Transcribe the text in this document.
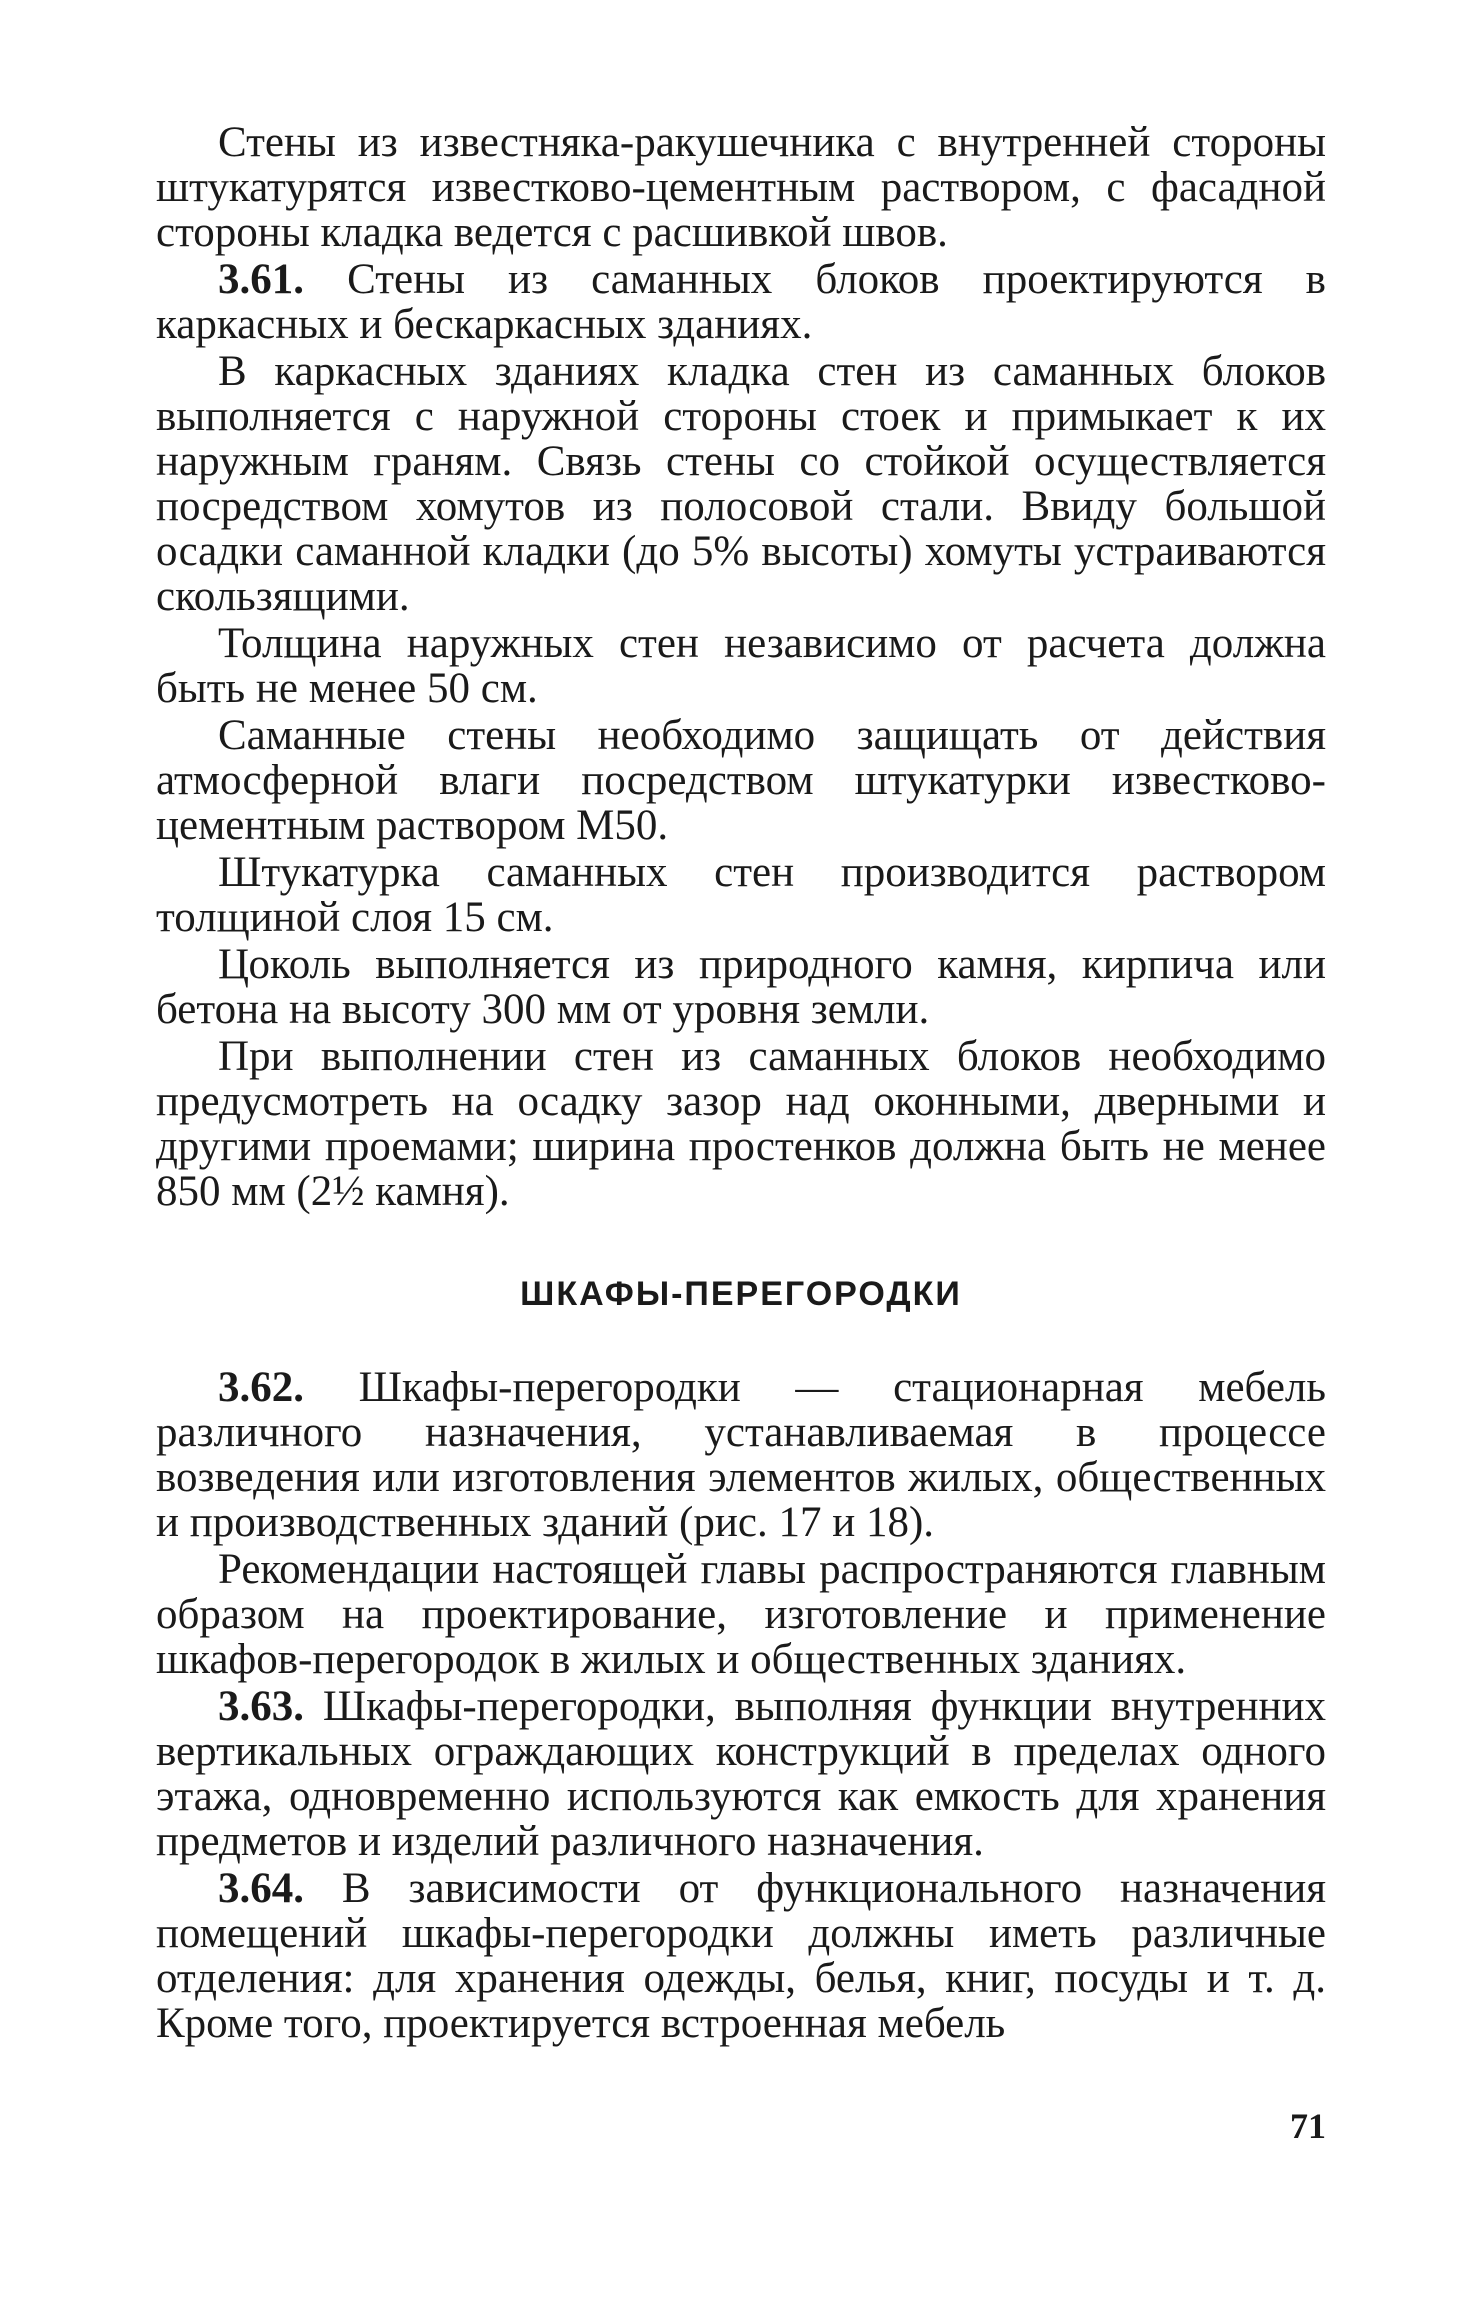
Стены из известняка-ракушечника с внутренней стороны штукатурятся известково-цементным раствором, с фасадной стороны кладка ведется с расшивкой швов.

3.61. Стены из саманных блоков проектируются в каркасных и бескаркасных зданиях.

В каркасных зданиях кладка стен из саманных блоков выполняется с наружной стороны стоек и примыкает к их наружным граням. Связь стены со стойкой осуществляется посредством хомутов из полосовой стали. Ввиду большой осадки саманной кладки (до 5% высоты) хомуты устраиваются скользящими.

Толщина наружных стен независимо от расчета должна быть не менее 50 см.

Саманные стены необходимо защищать от действия атмосферной влаги посредством штукатурки известково-цементным раствором М50.

Штукатурка саманных стен производится раствором толщиной слоя 15 см.

Цоколь выполняется из природного камня, кирпича или бетона на высоту 300 мм от уровня земли.

При выполнении стен из саманных блоков необходимо предусмотреть на осадку зазор над оконными, дверными и другими проемами; ширина простенков должна быть не менее 850 мм (2½ камня).

ШКАФЫ-ПЕРЕГОРОДКИ

3.62. Шкафы-перегородки — стационарная мебель различного назначения, устанавливаемая в процессе возведения или изготовления элементов жилых, общественных и производственных зданий (рис. 17 и 18).

Рекомендации настоящей главы распространяются главным образом на проектирование, изготовление и применение шкафов-перегородок в жилых и общественных зданиях.

3.63. Шкафы-перегородки, выполняя функции внутренних вертикальных ограждающих конструкций в пределах одного этажа, одновременно используются как емкость для хранения предметов и изделий различного назначения.

3.64. В зависимости от функционального назначения помещений шкафы-перегородки должны иметь различные отделения: для хранения одежды, белья, книг, посуды и т. д. Кроме того, проектируется встроенная мебель

71
